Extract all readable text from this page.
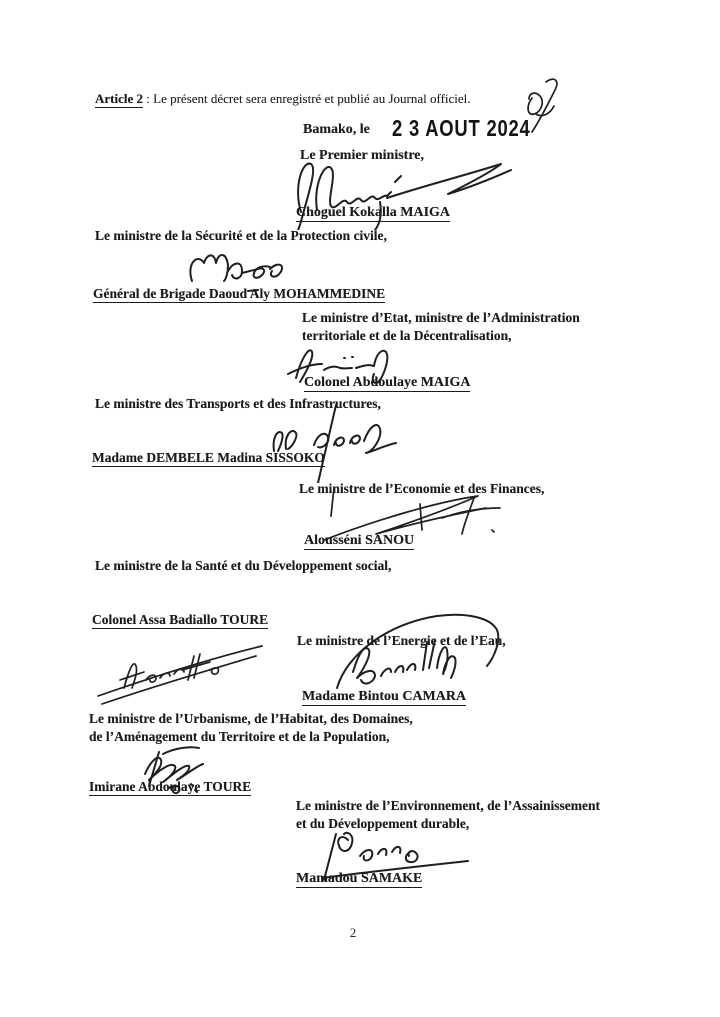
Article 2 : Le présent décret sera enregistré et publié au Journal officiel.
Bamako, le 2 3 AOUT 2024
Le Premier ministre,
Choguel Kokalla MAIGA
Le ministre de la Sécurité et de la Protection civile,
Général de Brigade Daoud Aly MOHAMMEDINE
Le ministre d’Etat, ministre de l’Administration
territoriale et de la Décentralisation,
Colonel Abdoulaye MAIGA
Le ministre des Transports et des Infrastructures,
Madame DEMBELE Madina SISSOKO
Le ministre de l’Economie et des Finances,
Alousséni SANOU
Le ministre de la Santé et du Développement social,
Colonel Assa Badiallo TOURE
Le ministre de l’Energie et de l’Eau,
Madame Bintou CAMARA
Le ministre de l’Urbanisme, de l’Habitat, des Domaines,
de l’Aménagement du Territoire et de la Population,
Imirane Abdoulaye TOURE
Le ministre de l’Environnement, de l’Assainissement
et du Développement durable,
Mamadou SAMAKE
2
